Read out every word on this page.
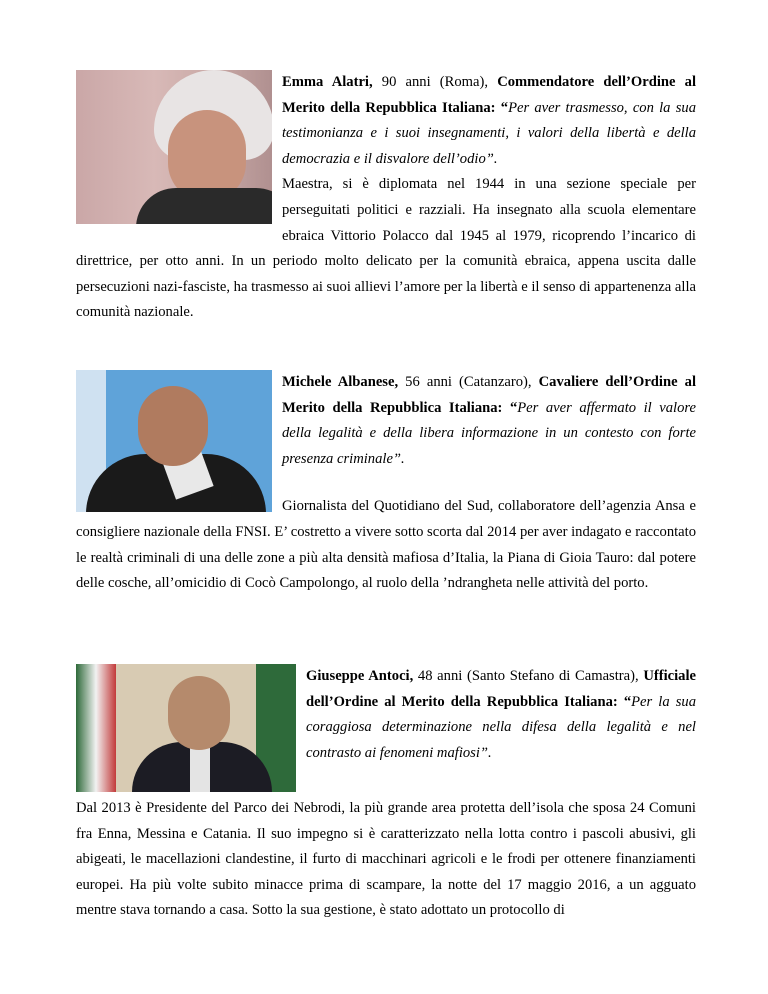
Emma Alatri, 90 anni (Roma), Commendatore dell’Ordine al Merito della Repubblica Italiana: “Per aver trasmesso, con la sua testimonianza e i suoi insegnamenti, i valori della libertà e della democrazia e il disvalore dell’odio”.
Maestra, si è diplomata nel 1944 in una sezione speciale per perseguitati politici e razziali. Ha insegnato alla scuola elementare ebraica Vittorio Polacco dal 1945 al 1979, ricoprendo l’incarico di direttrice, per otto anni. In un periodo molto delicato per la comunità ebraica, appena uscita dalle persecuzioni nazi-fasciste, ha trasmesso ai suoi allievi l’amore per la libertà e il senso di appartenenza alla comunità nazionale.
Michele Albanese, 56 anni (Catanzaro), Cavaliere dell’Ordine al Merito della Repubblica Italiana: “Per aver affermato il valore della legalità e della libera informazione in un contesto con forte presenza criminale”.
Giornalista del Quotidiano del Sud, collaboratore dell’agenzia Ansa e consigliere nazionale della FNSI. E’ costretto a vivere sotto scorta dal 2014 per aver indagato e raccontato le realtà criminali di una delle zone a più alta densità mafiosa d’Italia, la Piana di Gioia Tauro: dal potere delle cosche, all’omicidio di Cocò Campolongo, al ruolo della ’ndrangheta nelle attività del porto.
Giuseppe Antoci, 48 anni (Santo Stefano di Camastra), Ufficiale dell’Ordine al Merito della Repubblica Italiana: “Per la sua coraggiosa determinazione nella difesa della legalità e nel contrasto ai fenomeni mafiosi”.
Dal 2013 è Presidente del Parco dei Nebrodi, la più grande area protetta dell’isola che sposa 24 Comuni fra Enna, Messina e Catania. Il suo impegno si è caratterizzato nella lotta contro i pascoli abusivi, gli abigeati, le macellazioni clandestine, il furto di macchinari agricoli e le frodi per ottenere finanziamenti europei. Ha più volte subito minacce prima di scampare, la notte del 17 maggio 2016, a un agguato mentre stava tornando a casa. Sotto la sua gestione, è stato adottato un protocollo di
